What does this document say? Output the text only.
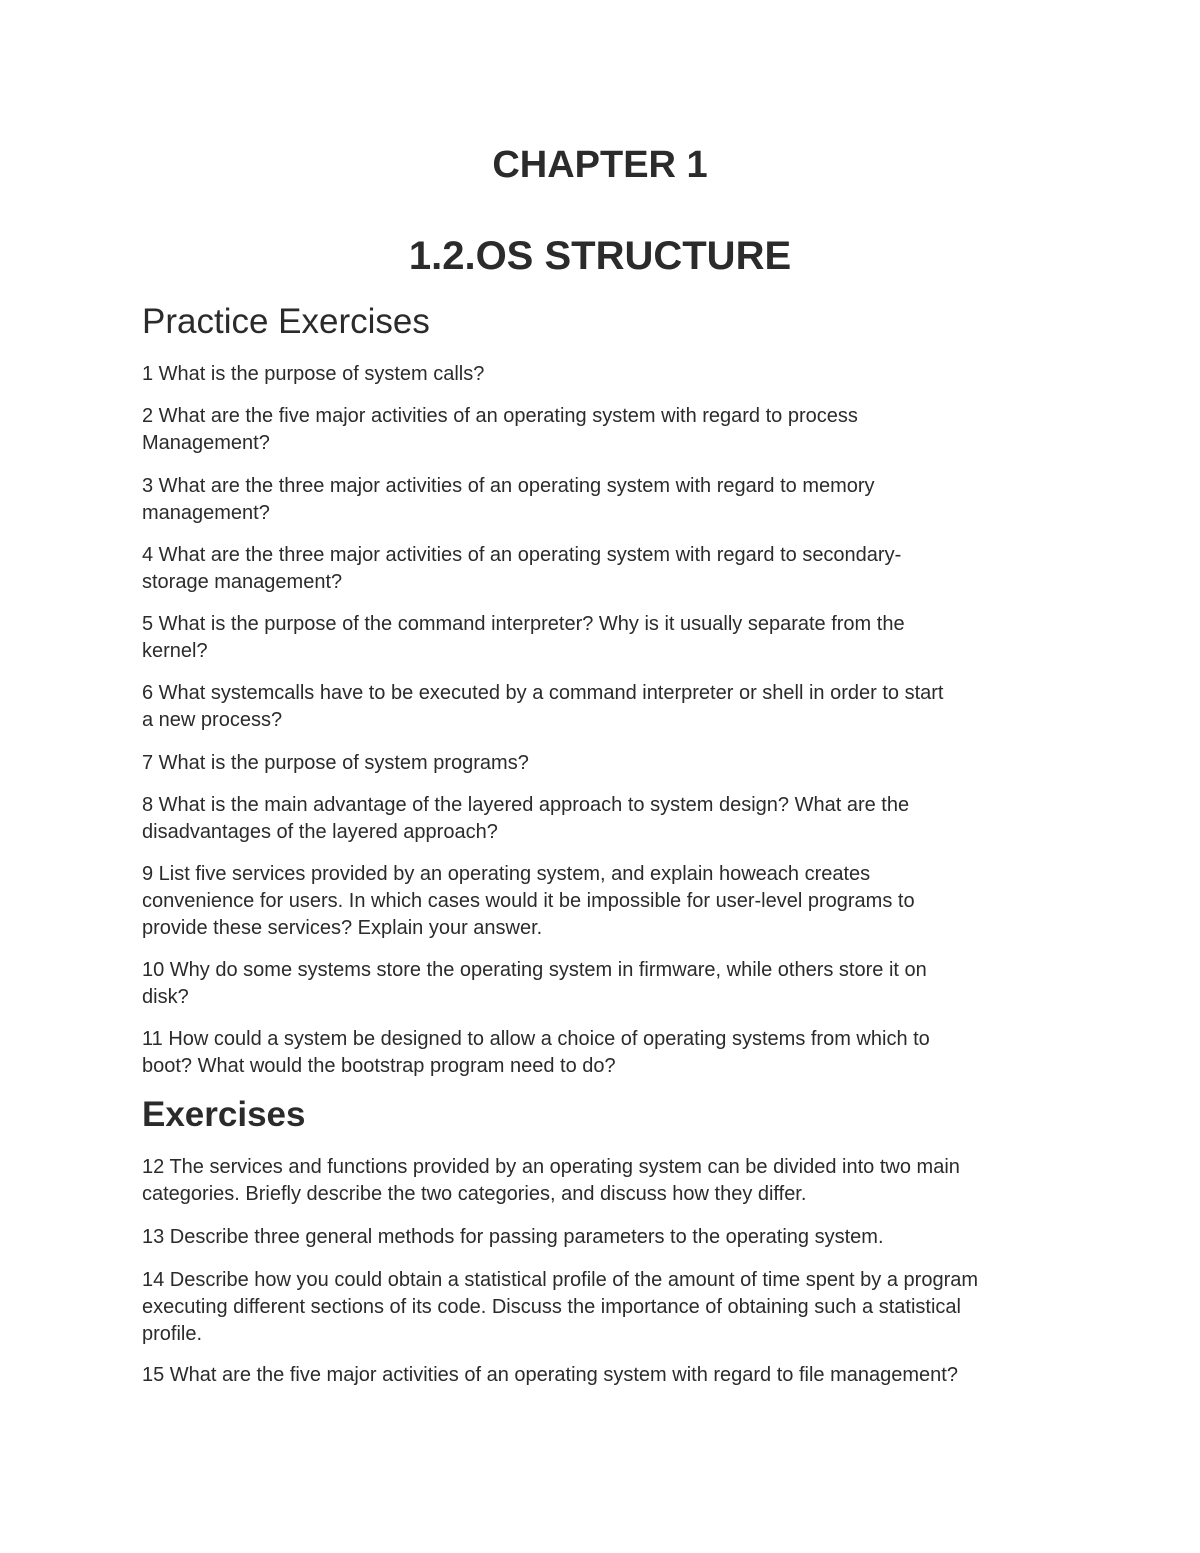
CHAPTER 1
1.2.OS STRUCTURE
Practice Exercises

1 What is the purpose of system calls?

2 What are the five major activities of an operating system with regard to process
Management?

3 What are the three major activities of an operating system with regard to memory
management?

4 What are the three major activities of an operating system with regard to secondary-
storage management?

5 What is the purpose of the command interpreter? Why is it usually separate from the
kernel?

6 What systemcalls have to be executed by a command interpreter or shell in order to start
a new process?

7 What is the purpose of system programs?

8 What is the main advantage of the layered approach to system design? What are the
disadvantages of the layered approach?

9 List five services provided by an operating system, and explain howeach creates
convenience for users. In which cases would it be impossible for user-level programs to
provide these services? Explain your answer.

10 Why do some systems store the operating system in firmware, while others store it on
disk?

11 How could a system be designed to allow a choice of operating systems from which to
boot? What would the bootstrap program need to do?

Exercises

12 The services and functions provided by an operating system can be divided into two main
categories. Briefly describe the two categories, and discuss how they differ.

13 Describe three general methods for passing parameters to the operating system.

14 Describe how you could obtain a statistical profile of the amount of time spent by a program
executing different sections of its code. Discuss the importance of obtaining such a statistical
profile.

15 What are the five major activities of an operating system with regard to file management?
